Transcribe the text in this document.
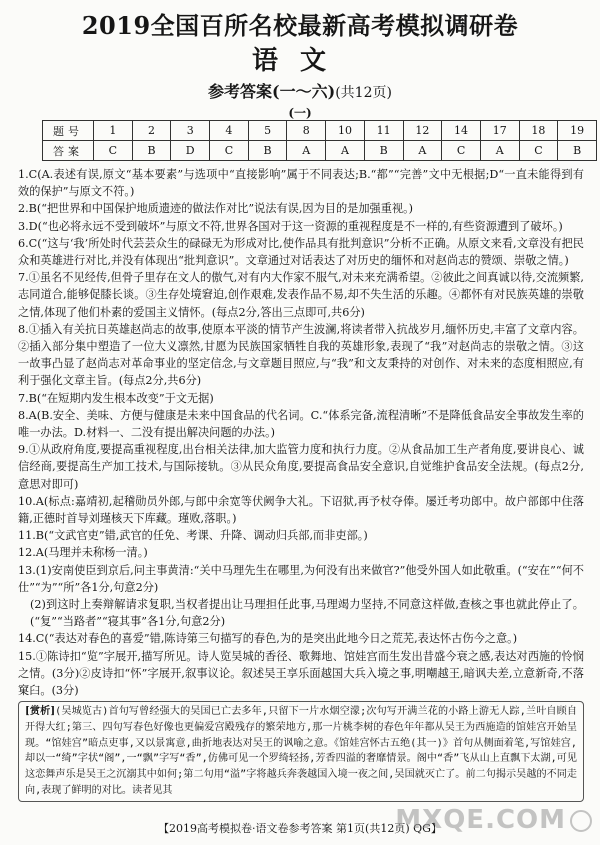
2019全国百所名校最新高考模拟调研卷
语文
参考答案(一～六)(共12页)
(一)
题号	1	2	3	4	5	8	10	11	12	14	17	18	19
答案	C	B	D	C	B	A	A	B	A	C	A	C	B

1.C(A.表述有误,原文“基本要素”与选项中“直接影响”属于不同表达;B.“都”“完善”文中无根据;D“一直未能得到有效的保护”与原文不符。)

2.B(“把世界和中国保护地质遗迹的做法作对比”说法有误,因为目的是加强重视。)

3.D(“也必将永远不受到破坏”与原文不符,世界各国对于这一资源的重视程度是不一样的,有些资源遭到了破坏。)

6.C(“这与‘我’所处时代芸芸众生的碌碌无为形成对比,使作品具有批判意识”分析不正确。从原文来看,文章没有把民众和英雄进行对比,并没有体现出“批判意识”。文章通过对话表达了对历史的缅怀和对赵尚志的赞颂、崇敬之情。)

7.①虽名不见经传,但骨子里存在文人的傲气,对有内大作家不服气,对未来充满希望。②彼此之间真诚以待,交流频繁,志同道合,能够促膝长谈。③生存处境窘迫,创作艰难,发表作品不易,却不失生活的乐趣。④都怀有对民族英雄的崇敬之情,体现了他们朴素的爱国主义情怀。(每点2分,答出三点即可,共6分)

8.①插入有关抗日英雄赵尚志的故事,使原本平淡的情节产生波澜,将读者带入抗战岁月,缅怀历史,丰富了文章内容。②插入部分集中塑造了一位大义凛然,甘愿为民族国家牺牲自我的英雄形象,表现了“我”对赵尚志的崇敬之情。③这一故事凸显了赵尚志对革命事业的坚定信念,与文章题目照应,与“我”和文友秉持的对创作、对未来的态度相照应,有利于强化文章主旨。(每点2分,共6分)

7.B(“在短期内发生根本改变”于文无据)

8.A(B.安全、美味、方便与健康是未来中国食品的代名词。C.“体系完备,流程清晰”不是降低食品安全事故发生率的唯一办法。D.材料一、二没有提出解决问题的办法。)

9.①从政府角度,要提高重视程度,出台相关法律,加大监管力度和执行力度。②从食品加工生产者角度,要讲良心、诚信经商,要提高生产加工技术,与国际接轨。③从民众角度,要提高食品安全意识,自觉维护食品安全法规。(每点2分,意思对即可)

10.A(标点:嘉靖初,起稽勋员外郎,与郎中余宽等伏阙争大礼。下诏狱,再予杖夺俸。屡迁考功郎中。故户部郎中住落籍,正德时首导刘瑾核天下库藏。瑾败,落职。)

11.B(“文武官吏”错,武官的任免、考课、升降、调动归兵部,而非吏部。)

12.A(马理并未称杨一清。)

13.(1)安南使臣到京后,问主事黄清:“关中马理先生在哪里,为何没有出来做官?”他受外国人如此敬重。(“安在”“何不仕”“为”“所”各1分,句意2分)

(2)到这时上奏辩解请求复职,当权者提出让马理担任此事,马理竭力坚持,不同意这样做,查核之事也就此停止了。(“复”“当路者”“寝其事”各1分,句意2分)

14.C(“表达对春色的喜爱”错,陈诗第三句描写的春色,为的是突出此地今日之荒芜,表达怀古伤今之意。)

15.①陈诗扣“览”字展开,描写所见。诗人览吴城的香径、歌舞地、馆娃宫而生发出昔盛今衰之感,表达对西施的怜悯之情。(3分)②皮诗扣“怀”字展开,叙事议论。叙述吴王享乐面越国大兵入境之事,明嘲越王,暗讽夫差,立意新奇,不落窠臼。(3分)

[赏析](吴城览古)首句写曾经强大的吴国已亡去多年,只留下一片水烟空濛;次句写开满兰花的小路上游无人踪,兰叶自顾自开得大红;第三、四句写春色好像也更偏爱宫殿残存的繁荣地方,那一片桃李树的春色年年都从吴王为西施造的馆娃宫开始呈现。“馆娃宫”暗点吏事,又以景寓意,曲折地表达对吴王的讽喻之意。《馆娃宫怀古五绝(其一)》首句从侧面着笔,写馆娃宫,却以一“绮”字状“阁”,一“飘”字写“香”,仿佛可见一个罗绮轻扬,芳香四溢的奢靡情景。阁中“香”飞从山上直飘下太湖,可见这恋舞声乐是吴王之沉溺其中如何;第二句用“溢”字将越兵奔袭越国入境一夜之间,吴国就灭亡了。前二句揭示吴越的不同走向,表现了鲜明的对比。读者见其
【2019高考模拟卷·语文卷参考答案 第1页(共12页) QG】
MXQE.COM
